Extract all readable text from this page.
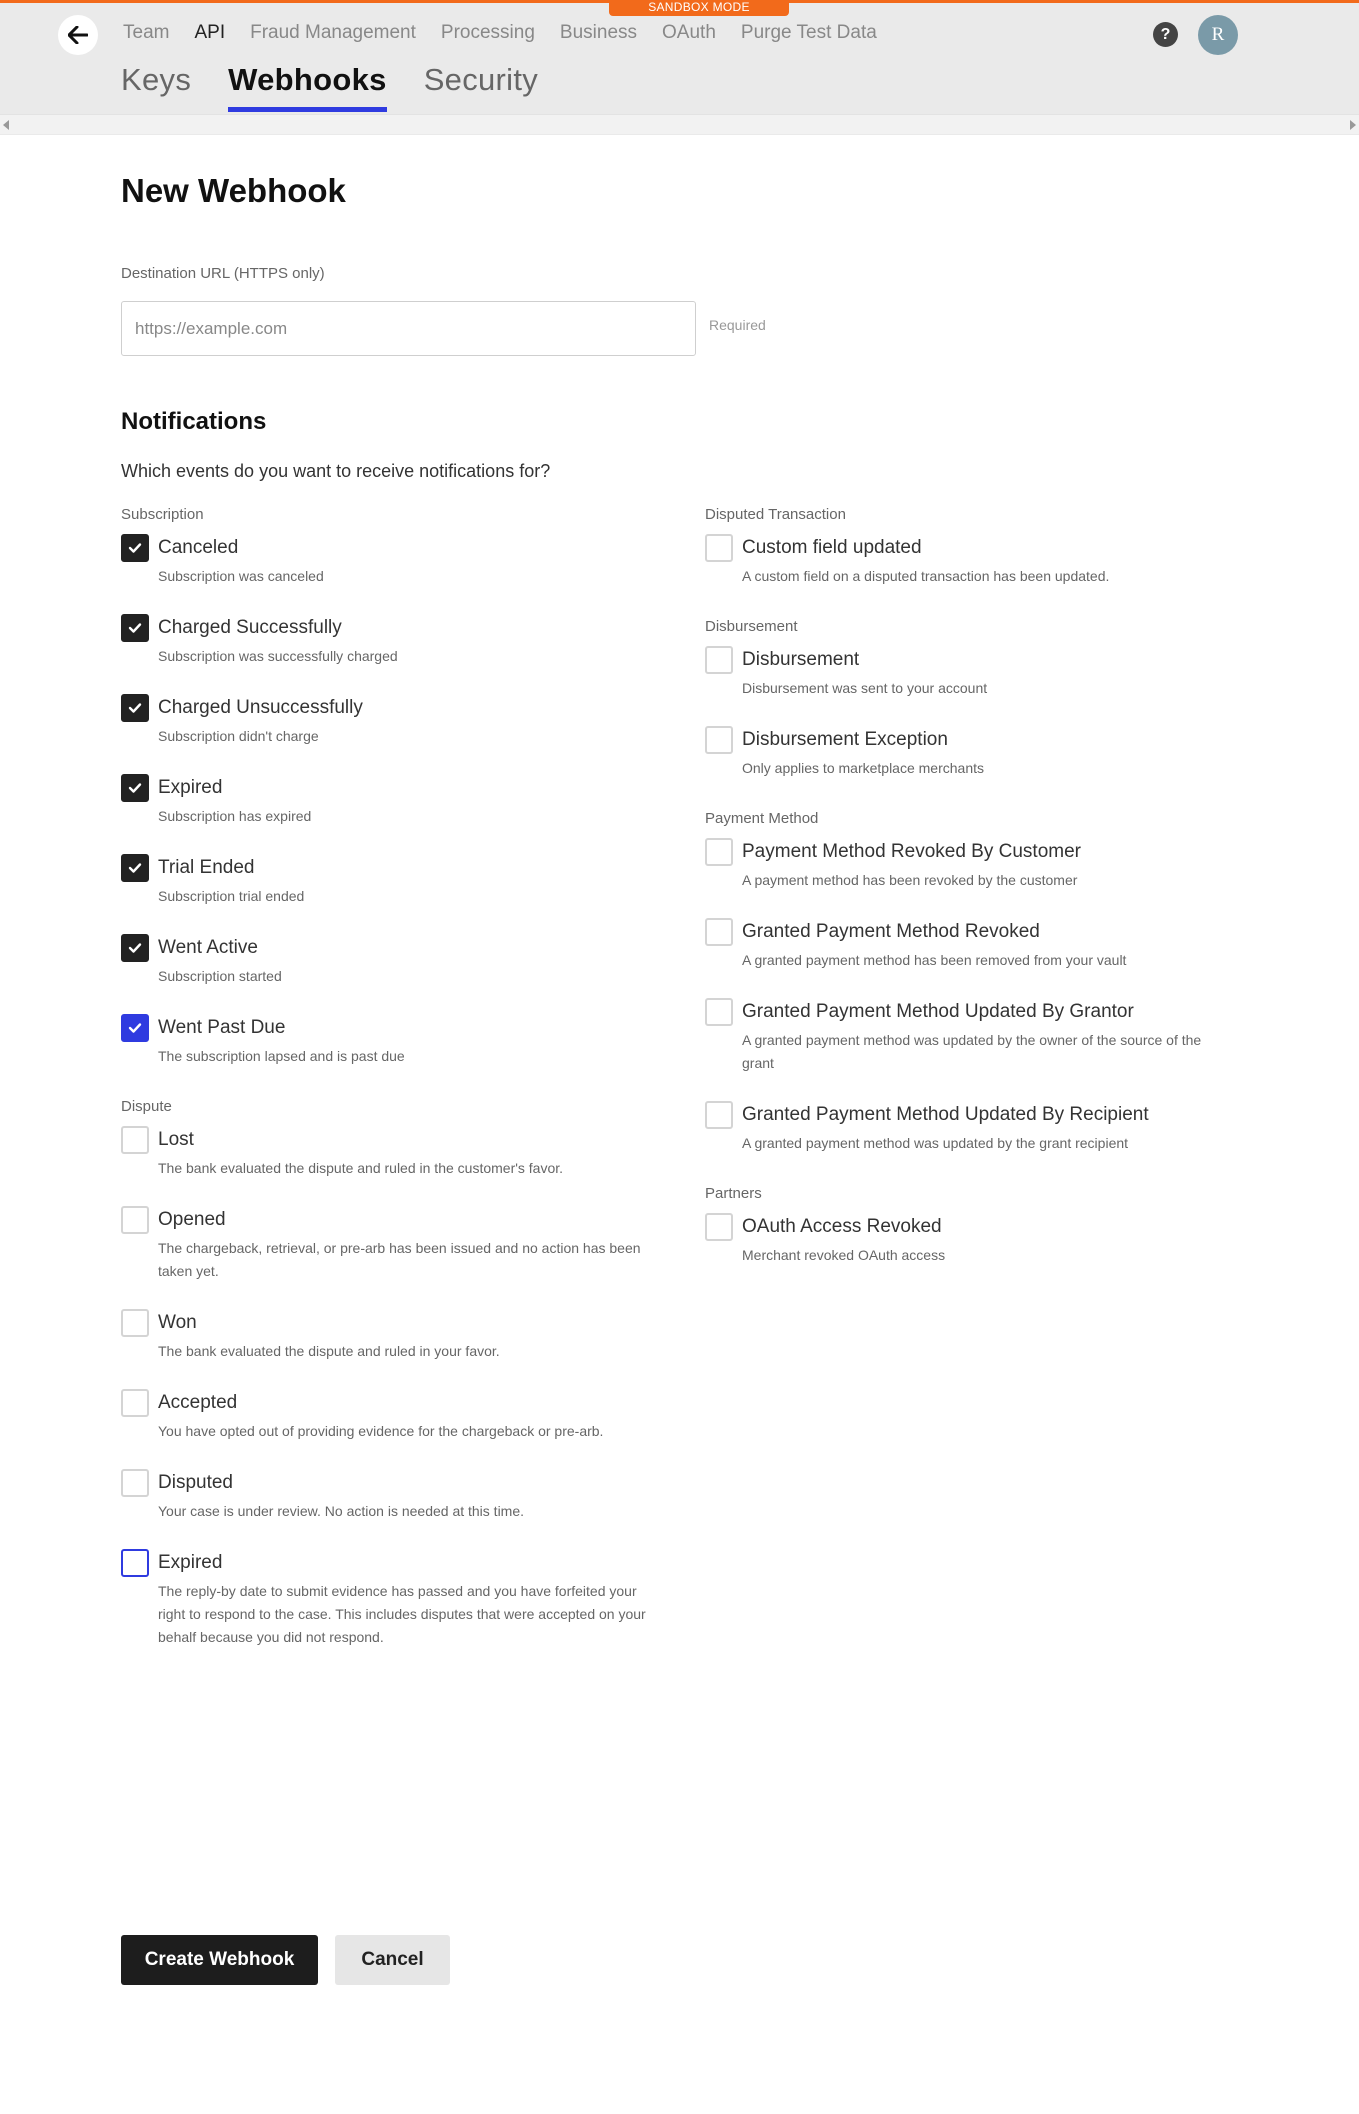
SANDBOX MODE
Team API Fraud Management Processing Business OAuth Purge Test Data	?	R
Keys Webhooks Security
New Webhook
Destination URL (HTTPS only)
https://example.com
Required
Notifications
Which events do you want to receive notifications for?
Subscription
Canceled
Subscription was canceled
Charged Successfully
Subscription was successfully charged
Charged Unsuccessfully
Subscription didn't charge
Expired
Subscription has expired
Trial Ended
Subscription trial ended
Went Active
Subscription started
Went Past Due
The subscription lapsed and is past due
Dispute
Lost
The bank evaluated the dispute and ruled in the customer's favor.
Opened
The chargeback, retrieval, or pre-arb has been issued and no action has been taken yet.
Won
The bank evaluated the dispute and ruled in your favor.
Accepted
You have opted out of providing evidence for the chargeback or pre-arb.
Disputed
Your case is under review. No action is needed at this time.
Expired
The reply-by date to submit evidence has passed and you have forfeited your right to respond to the case. This includes disputes that were accepted on your behalf because you did not respond.
Disputed Transaction
Custom field updated
A custom field on a disputed transaction has been updated.
Disbursement
Disbursement
Disbursement was sent to your account
Disbursement Exception
Only applies to marketplace merchants
Payment Method
Payment Method Revoked By Customer
A payment method has been revoked by the customer
Granted Payment Method Revoked
A granted payment method has been removed from your vault
Granted Payment Method Updated By Grantor
A granted payment method was updated by the owner of the source of the grant
Granted Payment Method Updated By Recipient
A granted payment method was updated by the grant recipient
Partners
OAuth Access Revoked
Merchant revoked OAuth access
Create Webhook	Cancel
